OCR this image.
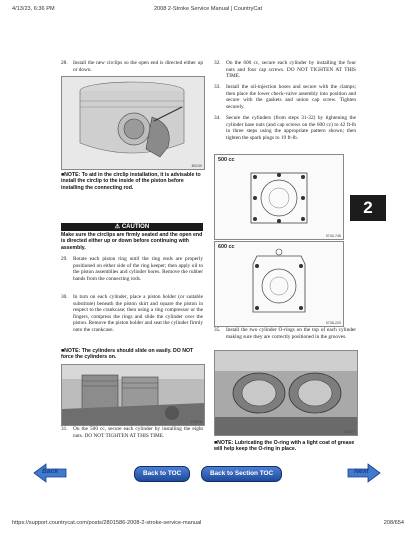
4/13/23, 6:36 PM	2008 2-Stroke Service Manual | CountryCat

28.	Install the new circlips so the open end is directed either up or down.

B0240
■NOTE: To aid in the circlip installation, it is advisable to install the circlip to the inside of the piston before installing the connecting rod.
⚠ CAUTION
Make sure the circlips are firmly seated and the open end is directed either up or down before continuing with assembly.

29.	Rotate each piston ring until the ring ends are properly positioned on either side of the ring keeper; then apply oil to the piston assemblies and cylinder bores. Remove the rubber bands from the connecting rods.

30.	In turn on each cylinder, place a piston holder (or suitable substitute) beneath the piston skirt and square the piston in respect to the crankcase; then using a ring compressor or the fingers, compress the rings and slide the cylinder over the piston. Remove the piston holder and seat the cylinder firmly onto the crankcase.

■NOTE: The cylinders should slide on easily. DO NOT force the cylinders on.
FC076

31.	On the 500 cc, secure each cylinder by installing the eight nuts. DO NOT TIGHTEN AT THIS TIME.

32.	On the 600 cc, secure each cylinder by installing the four nuts and four cap screws. DO NOT TIGHTEN AT THIS TIME.

33.	Install the oil-injection hoses and secure with the clamps; then place the lower check-valve assembly into position and secure with the gaskets and union cap screw. Tighten securely.

34.	Secure the cylinders (from steps 31-32) by tightening the cylinder base nuts (and cap screws on the 600 cc) to 42 ft-lb in three steps using the appropriate pattern shown; then tighten the spark plugs to 19 ft-lb.

500 cc
0740-746
600 cc
0738-220

35.	Install the two cylinder O-rings on the top of each cylinder making sure they are correctly positioned in the grooves.

FC077
■NOTE: Lubricating the O-ring with a light coat of grease will help keep the O-ring in place.
2
Back	Back to TOC	Back to Section TOC	Next
https://support.countrycat.com/posts/2801586-2008-2-stroke-service-manual	208/654
